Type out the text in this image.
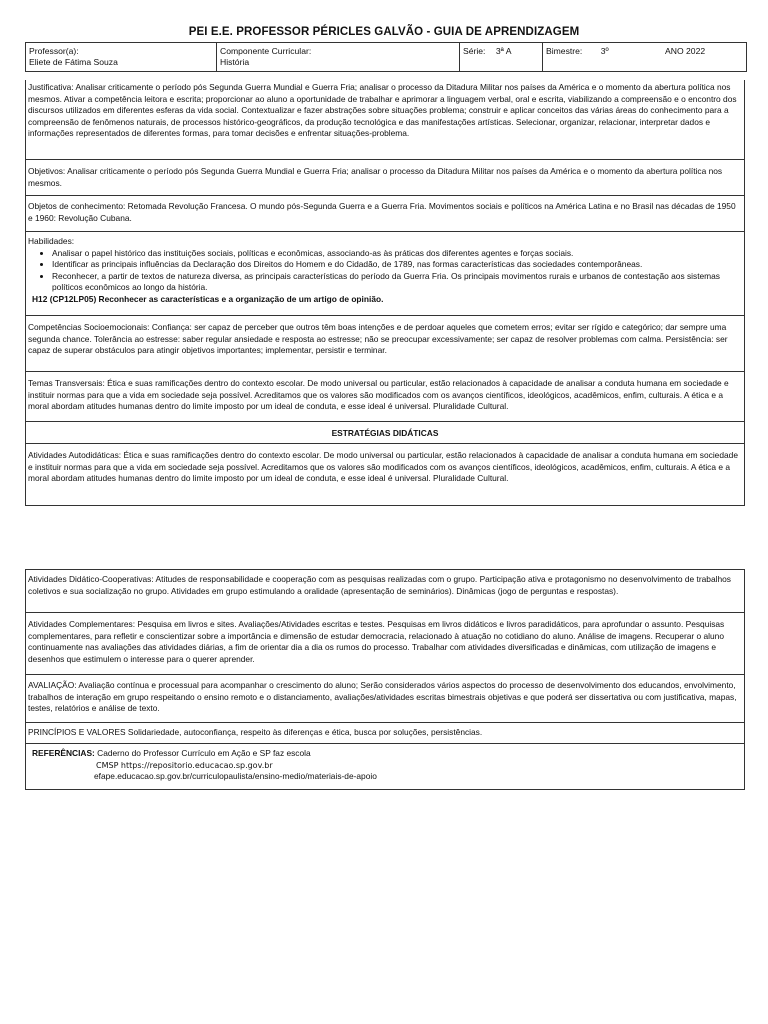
PEI E.E. PROFESSOR PÉRICLES GALVÃO - GUIA DE APRENDIZAGEM
Professor(a):
Eliete de Fátima Souza

Componente Curricular:
História
	Série: 3ª A	Bimestre: 3º	ANO 2022

Justificativa: Analisar criticamente o período pós Segunda Guerra Mundial e Guerra Fria; analisar o processo da Ditadura Militar nos países da América e o momento da abertura política nos mesmos. Ativar a competência leitora e escrita; proporcionar ao aluno a oportunidade de trabalhar e aprimorar a linguagem verbal, oral e escrita, viabilizando a compreensão e o encontro dos discursos utilizados em diferentes esferas da vida social. Contextualizar e fazer abstrações sobre situações problema; construir e aplicar conceitos das várias áreas do conhecimento para a compreensão de fenômenos naturais, de processos histórico-geográficos, da produção tecnológica e das manifestações artísticas. Selecionar, organizar, relacionar, interpretar dados e informações representados de diferentes formas, para tomar decisões e enfrentar situações-problema.

Objetivos: Analisar criticamente o período pós Segunda Guerra Mundial e Guerra Fria; analisar o processo da Ditadura Militar nos países da América e o momento da abertura política nos mesmos.

Objetos de conhecimento: Retomada Revolução Francesa. O mundo pós-Segunda Guerra e a Guerra Fria. Movimentos sociais e políticos na América Latina e no Brasil nas décadas de 1950 e 1960: Revolução Cubana.

Habilidades:

• Analisar o papel histórico das instituições sociais, políticas e econômicas, associando-as às práticas dos diferentes agentes e forças sociais.
• Identificar as principais influências da Declaração dos Direitos do Homem e do Cidadão, de 1789, nas formas características das sociedades contemporâneas.
• Reconhecer, a partir de textos de natureza diversa, as principais características do período da Guerra Fria. Os principais movimentos rurais e urbanos de contestação aos sistemas políticos econômicos ao longo da história.

H12 (CP12LP05) Reconhecer as características e a organização de um artigo de opinião.

Competências Socioemocionais: Confiança: ser capaz de perceber que outros têm boas intenções e de perdoar aqueles que cometem erros; evitar ser rígido e categórico; dar sempre uma segunda chance. Tolerância ao estresse: saber regular ansiedade e resposta ao estresse; não se preocupar excessivamente; ser capaz de resolver problemas com calma. Persistência: ser capaz de superar obstáculos para atingir objetivos importantes; implementar, persistir e terminar.

Temas Transversais: Ética e suas ramificações dentro do contexto escolar. De modo universal ou particular, estão relacionados à capacidade de analisar a conduta humana em sociedade e instituir normas para que a vida em sociedade seja possível. Acreditamos que os valores são modificados com os avanços científicos, ideológicos, acadêmicos, enfim, culturais. A ética e a moral abordam atitudes humanas dentro do limite imposto por um ideal de conduta, e esse ideal é universal. Pluralidade Cultural.

ESTRATÉGIAS DIDÁTICAS

Atividades Autodidáticas: Ética e suas ramificações dentro do contexto escolar. De modo universal ou particular, estão relacionados à capacidade de analisar a conduta humana em sociedade e instituir normas para que a vida em sociedade seja possível. Acreditamos que os valores são modificados com os avanços científicos, ideológicos, acadêmicos, enfim, culturais. A ética e a moral abordam atitudes humanas dentro do limite imposto por um ideal de conduta, e esse ideal é universal. Pluralidade Cultural.

Atividades Didático-Cooperativas: Atitudes de responsabilidade e cooperação com as pesquisas realizadas com o grupo. Participação ativa e protagonismo no desenvolvimento de trabalhos coletivos e sua socialização no grupo. Atividades em grupo estimulando a oralidade (apresentação de seminários). Dinâmicas (jogo de perguntas e respostas).

Atividades Complementares: Pesquisa em livros e sites. Avaliações/Atividades escritas e testes. Pesquisas em livros didáticos e livros paradidáticos, para aprofundar o assunto. Pesquisas complementares, para refletir e conscientizar sobre a importância e dimensão de estudar democracia, relacionado à atuação no cotidiano do aluno. Análise de imagens. Recuperar o aluno continuamente nas avaliações das atividades diárias, a fim de orientar dia a dia os rumos do processo. Trabalhar com atividades diversificadas e dinâmicas, com utilização de imagens e desenhos que estimulem o interesse para o querer aprender.

AVALIAÇÃO: Avaliação contínua e processual para acompanhar o crescimento do aluno; Serão considerados vários aspectos do processo de desenvolvimento dos educandos, envolvimento, trabalhos de interação em grupo respeitando o ensino remoto e o distanciamento, avaliações/atividades escritas bimestrais objetivas e que poderá ser dissertativa ou com justificativa, mapas, testes, relatórios e análise de texto.

PRINCÍPIOS E VALORES Solidariedade, autoconfiança, respeito às diferenças e ética, busca por soluções, persistências.

REFERÊNCIAS: Caderno do Professor Currículo em Ação e SP faz escola

CMSP https://repositorio.educacao.sp.gov.br

efape.educacao.sp.gov.br/curriculopaulista/ensino-medio/materiais-de-apoio
